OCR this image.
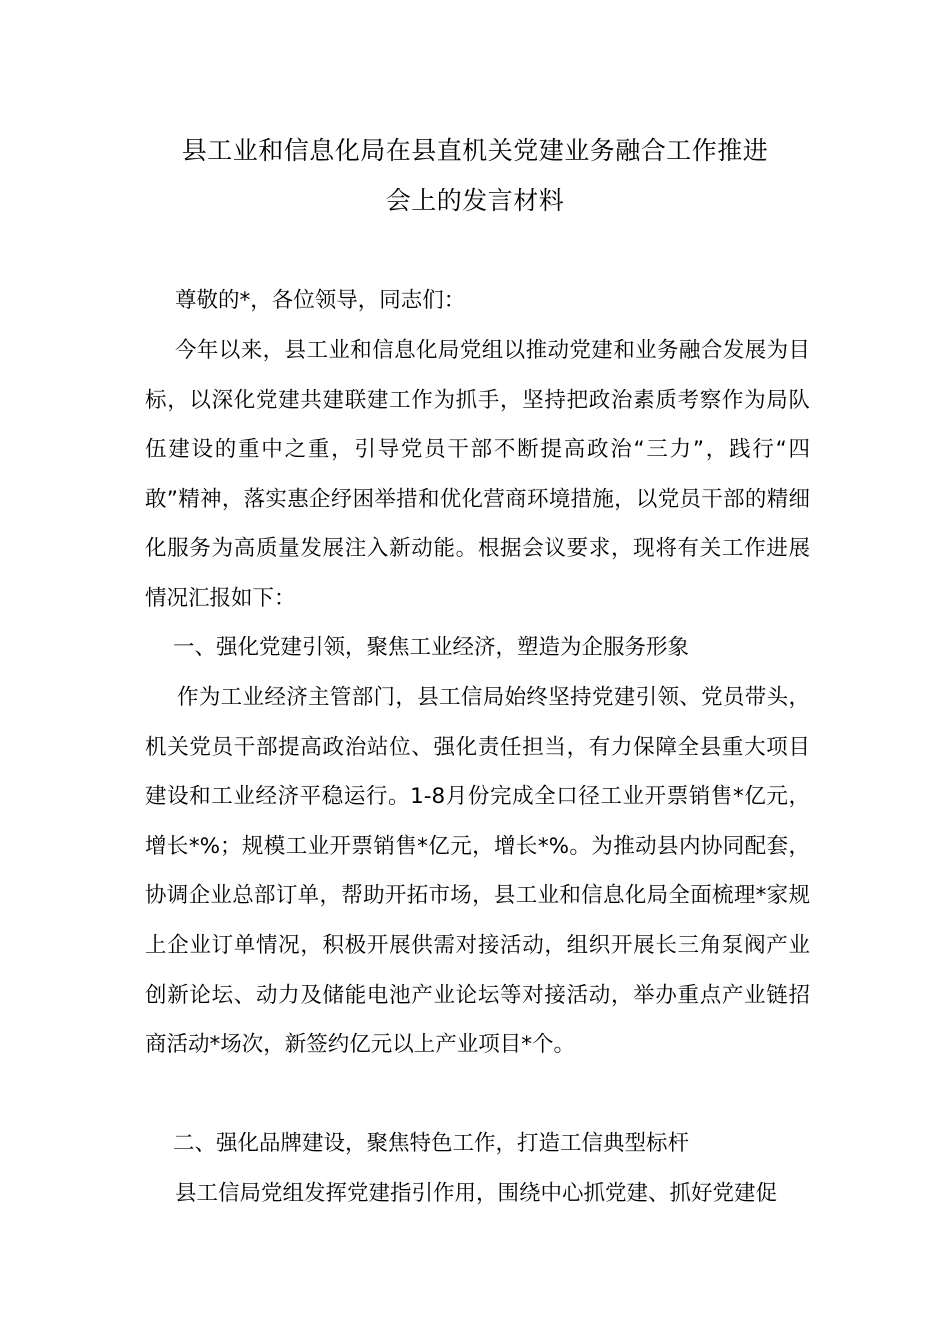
县工业和信息化局在县直机关党建业务融合工作推进
会上的发言材料

尊敬的*，各位领导，同志们：

今年以来，县工业和信息化局党组以推动党建和业务融合发展为目标，以深化党建共建联建工作为抓手，坚持把政治素质考察作为局队伍建设的重中之重，引导党员干部不断提高政治“三力”，践行“四敢”精神，落实惠企纾困举措和优化营商环境措施，以党员干部的精细化服务为高质量发展注入新动能。根据会议要求，现将有关工作进展情况汇报如下：

一、强化党建引领，聚焦工业经济，塑造为企服务形象

作为工业经济主管部门，县工信局始终坚持党建引领、党员带头，机关党员干部提高政治站位、强化责任担当，有力保障全县重大项目建设和工业经济平稳运行。1-8月份完成全口径工业开票销售*亿元，增长*%；规模工业开票销售*亿元，增长*%。为推动县内协同配套，协调企业总部订单，帮助开拓市场，县工业和信息化局全面梳理*家规上企业订单情况，积极开展供需对接活动，组织开展长三角泵阀产业创新论坛、动力及储能电池产业论坛等对接活动，举办重点产业链招商活动*场次，新签约亿元以上产业项目*个。

二、强化品牌建设，聚焦特色工作，打造工信典型标杆

县工信局党组发挥党建指引作用，围绕中心抓党建、抓好党建促
